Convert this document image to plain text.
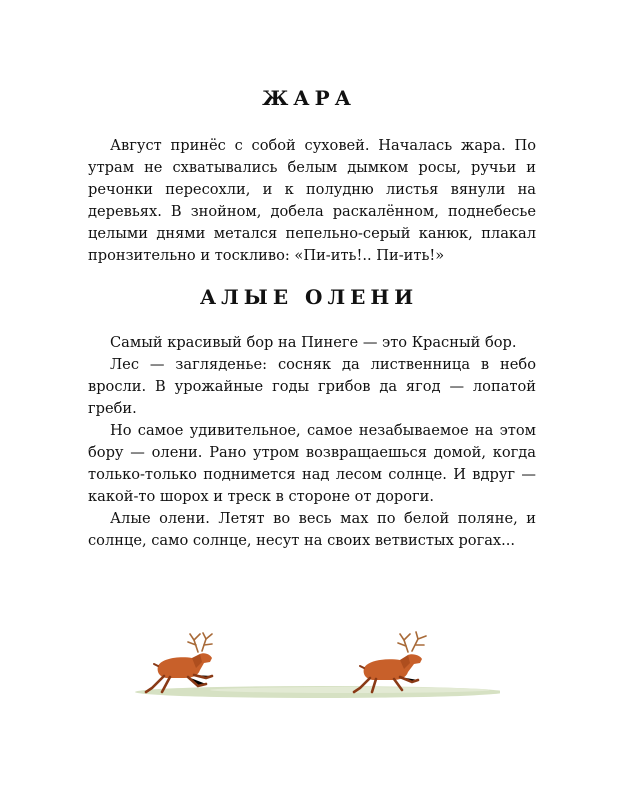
ЖАРА

Август принёс с собой суховей. Началась жара. По утрам не схватывались белым дымком росы, ручьи и речонки пересохли, и к полудню листья вянули на деревьях. В знойном, добела раскалённом, поднебесье целыми днями метался пепельно-серый канюк, плакал пронзительно и тоскливо: «Пи-ить!.. Пи-ить!»

АЛЫЕ ОЛЕНИ

Самый красивый бор на Пинеге — это Красный бор.

Лес — загляденье: сосняк да лиственница в небо вросли. В урожайные годы грибов да ягод — лопатой греби.

Но самое удивительное, самое незабываемое на этом бору — олени. Рано утром возвращаешься домой, когда только-только поднимется над лесом солнце. И вдруг — какой-то шорох и треск в стороне от дороги.

Алые олени. Летят во весь мах по белой поляне, и солнце, само солнце, несут на своих ветвистых рогах...
